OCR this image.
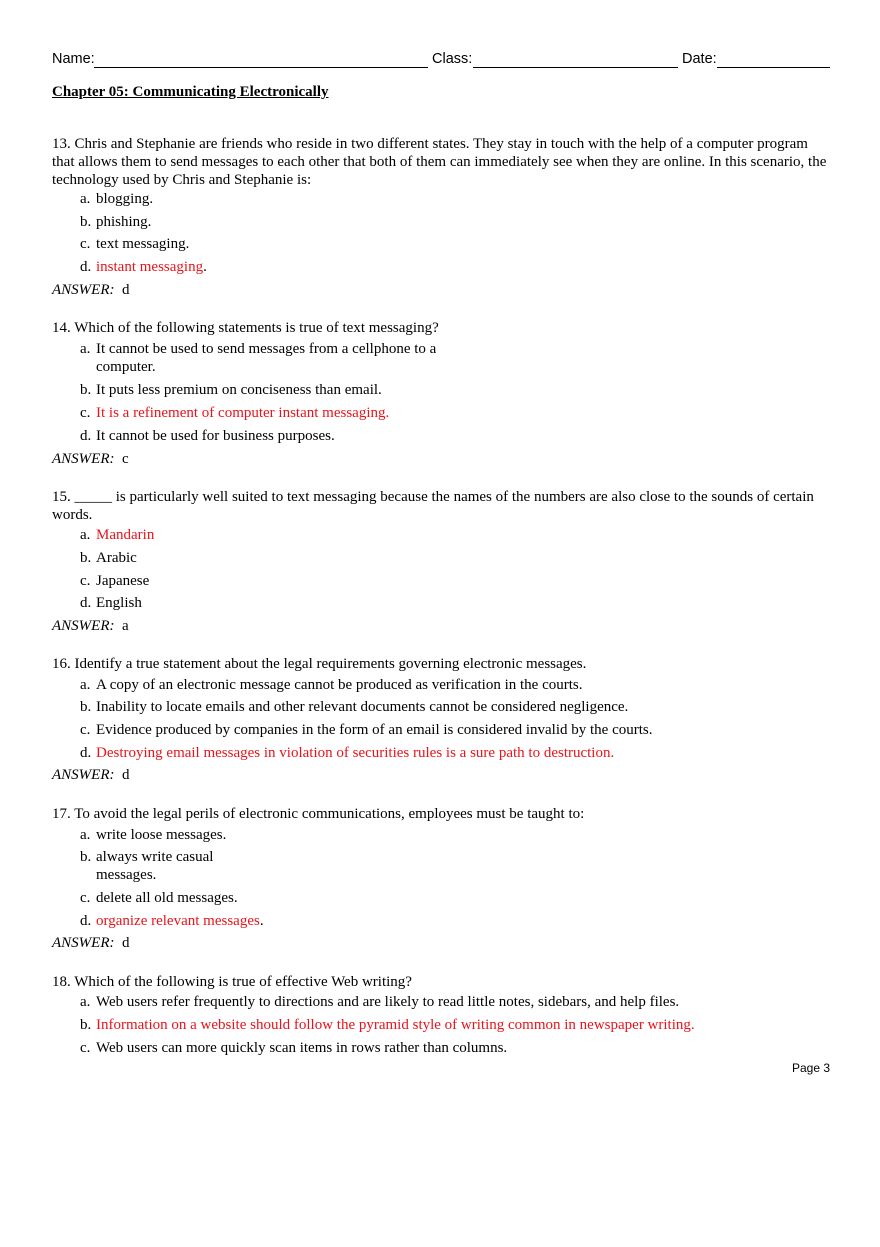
Name:	Class:	Date:
Chapter 05: Communicating Electronically

13. Chris and Stephanie are friends who reside in two different states. They stay in touch with the help of a computer program that allows them to send messages to each other that both of them can immediately see when they are online. In this scenario, the technology used by Chris and Stephanie is:

a. blogging.
b. phishing.
c. text messaging.
d. instant messaging.
ANSWER: d

14. Which of the following statements is true of text messaging?

a. It cannot be used to send messages from a cellphone to a computer.
b. It puts less premium on conciseness than email.
c. It is a refinement of computer instant messaging.
d. It cannot be used for business purposes.
ANSWER: c

15. _____ is particularly well suited to text messaging because the names of the numbers are also close to the sounds of certain words.

a. Mandarin
b. Arabic
c. Japanese
d. English
ANSWER: a

16. Identify a true statement about the legal requirements governing electronic messages.

a. A copy of an electronic message cannot be produced as verification in the courts.
b. Inability to locate emails and other relevant documents cannot be considered negligence.
c. Evidence produced by companies in the form of an email is considered invalid by the courts.
d. Destroying email messages in violation of securities rules is a sure path to destruction.
ANSWER: d

17. To avoid the legal perils of electronic communications, employees must be taught to:

a. write loose messages.
b. always write casual messages.
c. delete all old messages.
d. organize relevant messages.
ANSWER: d

18. Which of the following is true of effective Web writing?

a. Web users refer frequently to directions and are likely to read little notes, sidebars, and help files.
b. Information on a website should follow the pyramid style of writing common in newspaper writing.
c. Web users can more quickly scan items in rows rather than columns.
Page 3
